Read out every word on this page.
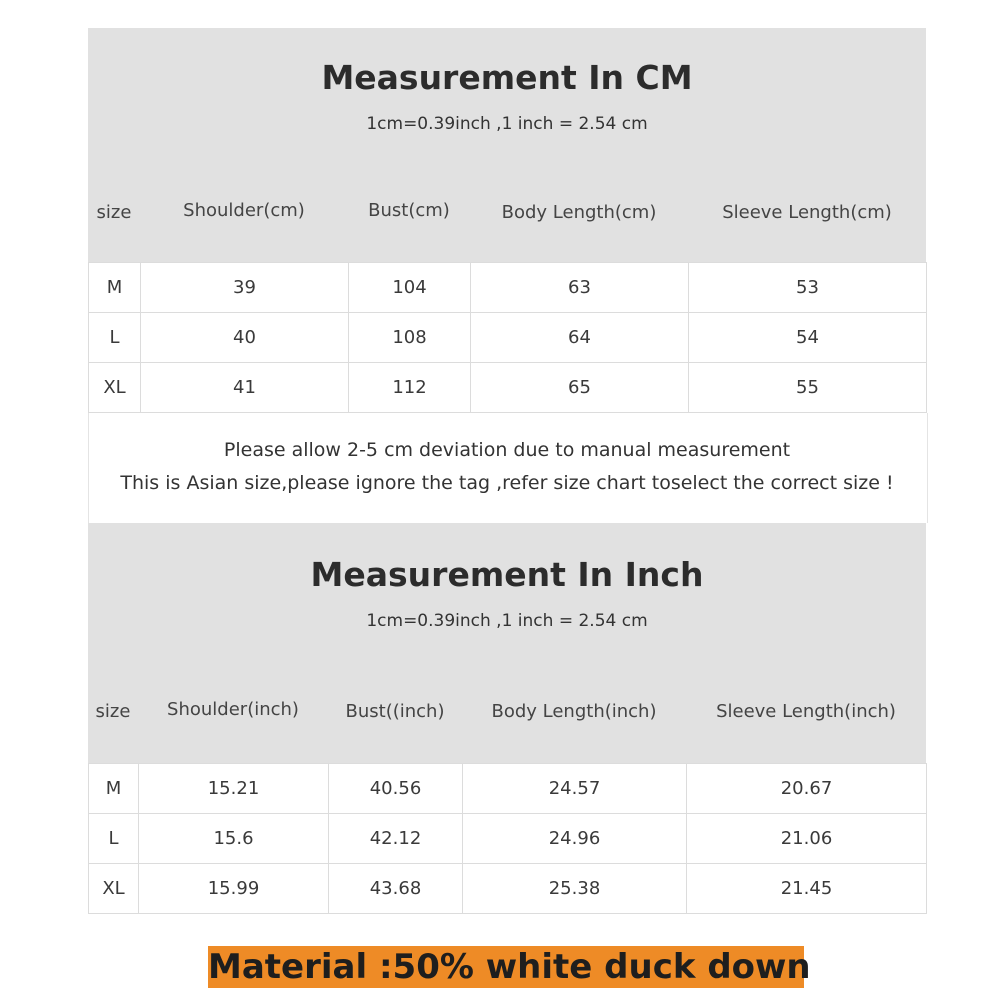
Measurement In CM
1cm=0.39inch ,1 inch = 2.54 cm
size	Shoulder(cm)	Bust(cm)	Body Length(cm)	Sleeve Length(cm)
M	39	104	63	53
L	40	108	64	54
XL	41	112	65	55
Please allow 2-5 cm deviation due to manual measurement
This is Asian size,please ignore the tag ,refer size chart toselect the correct size !
Measurement In Inch
1cm=0.39inch ,1 inch = 2.54 cm
size	Shoulder(inch)	Bust((inch)	Body Length(inch)	Sleeve Length(inch)
M	15.21	40.56	24.57	20.67
L	15.6	42.12	24.96	21.06
XL	15.99	43.68	25.38	21.45
Material :50% white duck down
